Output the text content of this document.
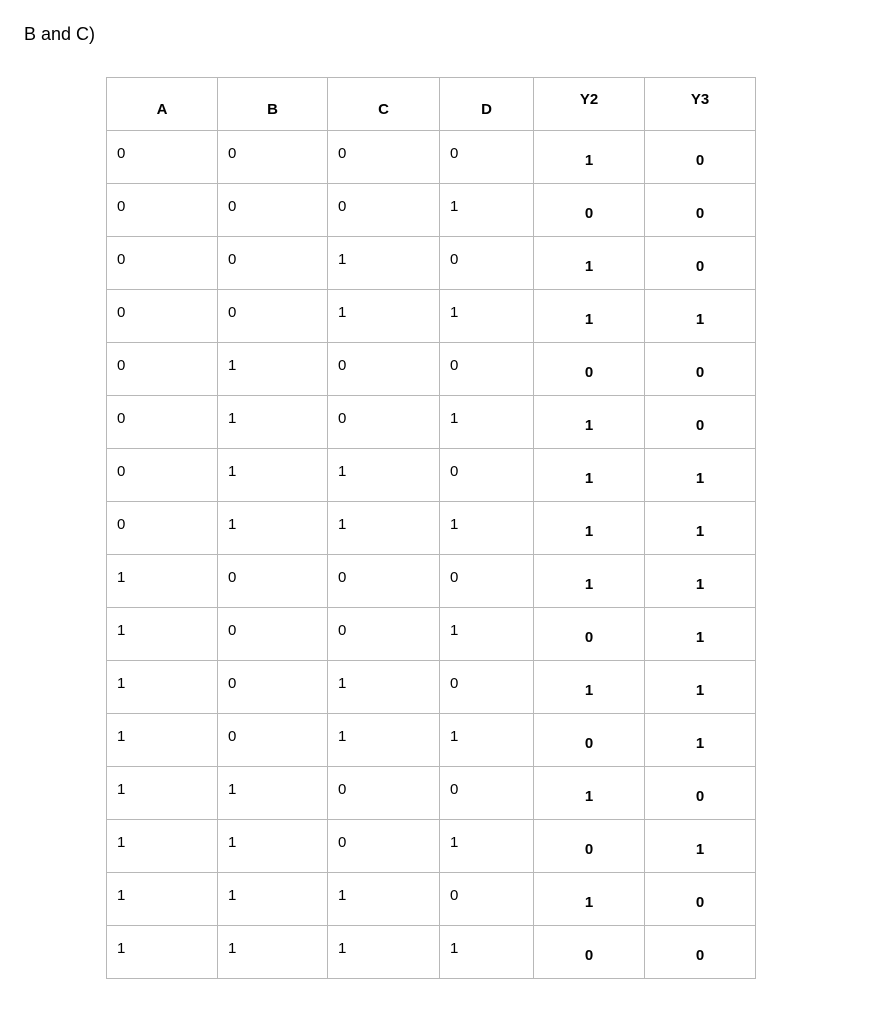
B and C)
A	B	C	D	Y2	Y3
0	0	0	0	1	0
0	0	0	1	0	0
0	0	1	0	1	0
0	0	1	1	1	1
0	1	0	0	0	0
0	1	0	1	1	0
0	1	1	0	1	1
0	1	1	1	1	1
1	0	0	0	1	1
1	0	0	1	0	1
1	0	1	0	1	1
1	0	1	1	0	1
1	1	0	0	1	0
1	1	0	1	0	1
1	1	1	0	1	0
1	1	1	1	0	0
